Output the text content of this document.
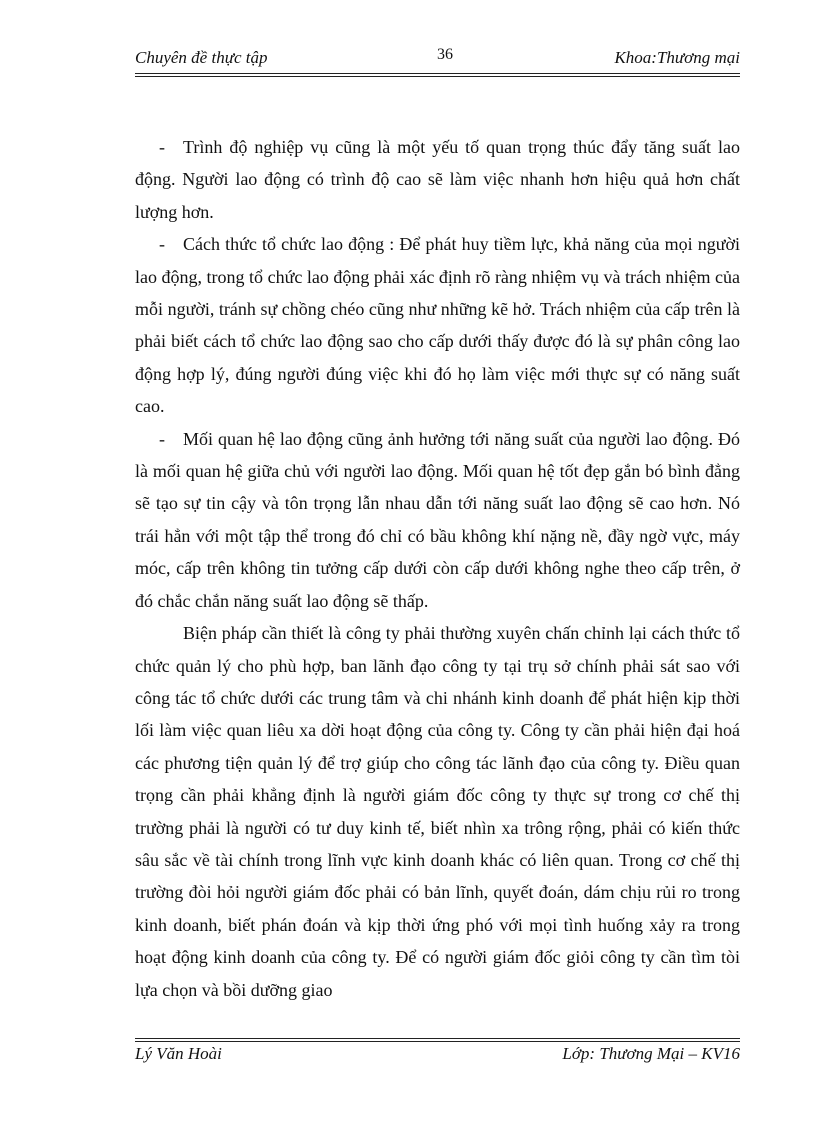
Chuyên đề thực tập	36	Khoa:Thương mại

- Trình độ nghiệp vụ cũng là một yếu tố quan trọng thúc đẩy tăng suất lao động. Người lao động có trình độ cao sẽ làm việc nhanh hơn hiệu quả hơn chất lượng hơn.

- Cách thức tổ chức lao động : Để phát huy tiềm lực, khả năng của mọi người lao động, trong tổ chức lao động phải xác định rõ ràng nhiệm vụ và trách nhiệm của mỗi người, tránh sự chồng chéo cũng như những kẽ hở. Trách nhiệm của cấp trên là phải biết cách tổ chức lao động sao cho cấp dưới thấy được đó là sự phân công lao động hợp lý, đúng người đúng việc khi đó họ làm việc mới thực sự có năng suất cao.

- Mối quan hệ lao động cũng ảnh hưởng tới năng suất của người lao động. Đó là mối quan hệ giữa chủ với người lao động. Mối quan hệ tốt đẹp gắn bó bình đẳng sẽ tạo sự tin cậy và tôn trọng lẫn nhau dẫn tới năng suất lao động sẽ cao hơn. Nó trái hẳn với một tập thể trong đó chỉ có bầu không khí nặng nề, đầy ngờ vực, máy móc, cấp trên không tin tưởng cấp dưới còn cấp dưới không nghe theo cấp trên, ở đó chắc chắn năng suất lao động sẽ thấp.

Biện pháp cần thiết là công ty phải thường xuyên chấn chỉnh lại cách thức tổ chức quản lý cho phù hợp, ban lãnh đạo công ty tại trụ sở chính phải sát sao với công tác tổ chức dưới các trung tâm và chi nhánh kinh doanh để phát hiện kịp thời lối làm việc quan liêu xa dời hoạt động của công ty. Công ty cần phải hiện đại hoá các phương tiện quản lý để trợ giúp cho công tác lãnh đạo của công ty. Điều quan trọng cần phải khẳng định là người giám đốc công ty thực sự trong cơ chế thị trường phải là người có tư duy kinh tế, biết nhìn xa trông rộng, phải có kiến thức sâu sắc về tài chính trong lĩnh vực kinh doanh khác có liên quan. Trong cơ chế thị trường đòi hỏi người giám đốc phải có bản lĩnh, quyết đoán, dám chịu rủi ro trong kinh doanh, biết phán đoán và kịp thời ứng phó với mọi tình huống xảy ra trong hoạt động kinh doanh của công ty. Để có người giám đốc giỏi công ty cần tìm tòi lựa chọn và bồi dưỡng giao

Lý Văn Hoài	Lớp: Thương Mại – KV16
